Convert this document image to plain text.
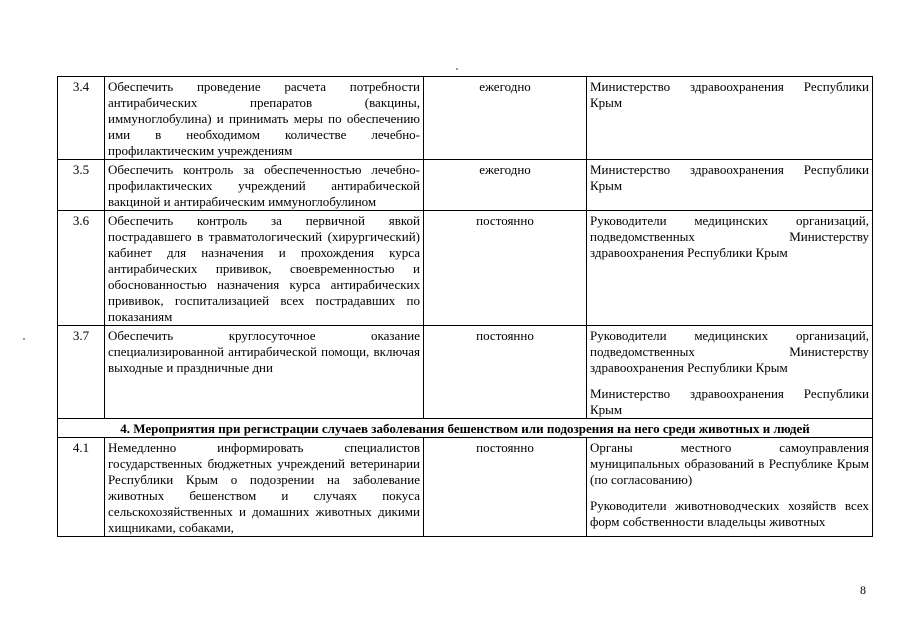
3.4	Обеспечить проведение расчета потребности антирабических препаратов (вакцины, иммуноглобулина) и принимать меры по обеспечению ими в необходимом количестве лечебно-профилактическим учреждениям	ежегодно	Министерство здравоохранения Республики Крым

3.5	Обеспечить контроль за обеспеченностью лечебно-профилактических учреждений антирабической вакциной и антирабическим иммуноглобулином	ежегодно	Министерство здравоохранения Республики Крым

3.6	Обеспечить контроль за первичной явкой пострадавшего в травматологический (хирургический) кабинет для назначения и прохождения курса антирабических прививок, своевременностью и обоснованностью назначения курса антирабических прививок, госпитализацией всех пострадавших по показаниям	постоянно	Руководители медицинских организаций, подведомственных Министерству здравоохранения Республики Крым

3.7	Обеспечить круглосуточное оказание специализированной антирабической помощи, включая выходные и праздничные дни	постоянно	Руководители медицинских организаций, подведомственных Министерству здравоохранения Республики Крым
Министерство здравоохранения Республики Крым

4. Мероприятия при регистрации случаев заболевания бешенством или подозрения на него среди животных и людей			
4.1	Немедленно информировать специалистов государственных бюджетных учреждений ветеринарии Республики Крым о подозрении на заболевание животных бешенством и случаях покуса сельскохозяйственных и домашних животных дикими хищниками, собаками,	постоянно	Органы местного самоуправления муниципальных образований в Республике Крым (по согласованию)
Руководители животноводческих хозяйств всех форм собственности владельцы животных
8
